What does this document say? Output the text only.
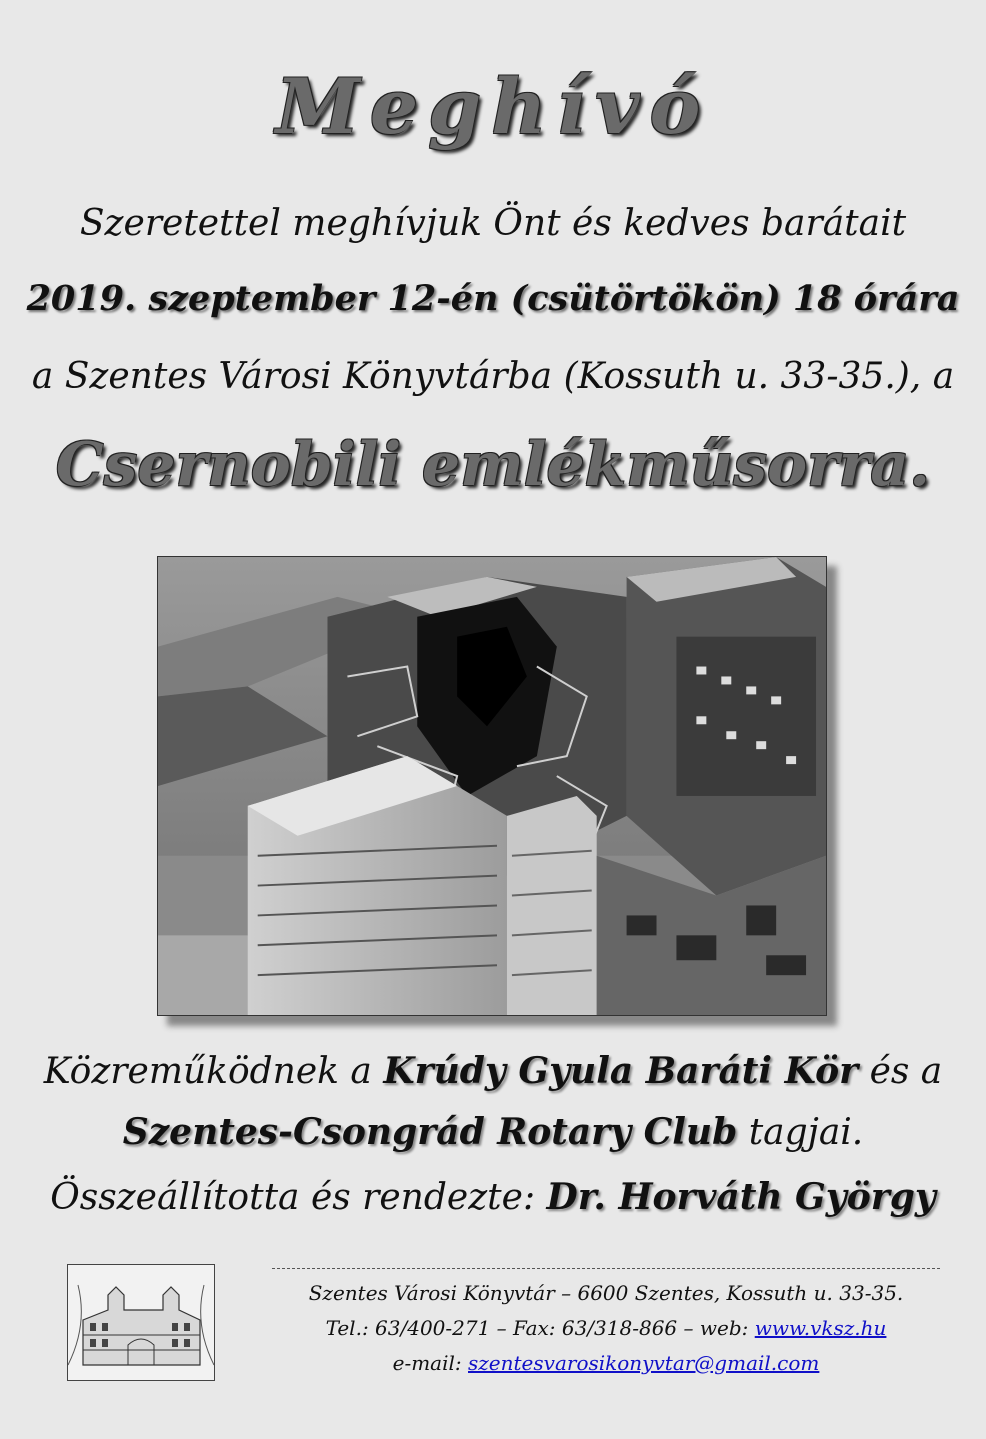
Meghívó
Szeretettel meghívjuk Önt és kedves barátait
2019. szeptember 12-én (csütörtökön) 18 órára
a Szentes Városi Könyvtárba (Kossuth u. 33-35.), a
Csernobili emlékműsorra.
Közreműködnek a Krúdy Gyula Baráti Kör és a
Szentes-Csongrád Rotary Club tagjai.
Összeállította és rendezte: Dr. Horváth György
Szentes Városi Könyvtár – 6600 Szentes, Kossuth u. 33-35.
Tel.: 63/400-271 – Fax: 63/318-866 – web: www.vksz.hu
e-mail: szentesvarosikonyvtar@gmail.com
